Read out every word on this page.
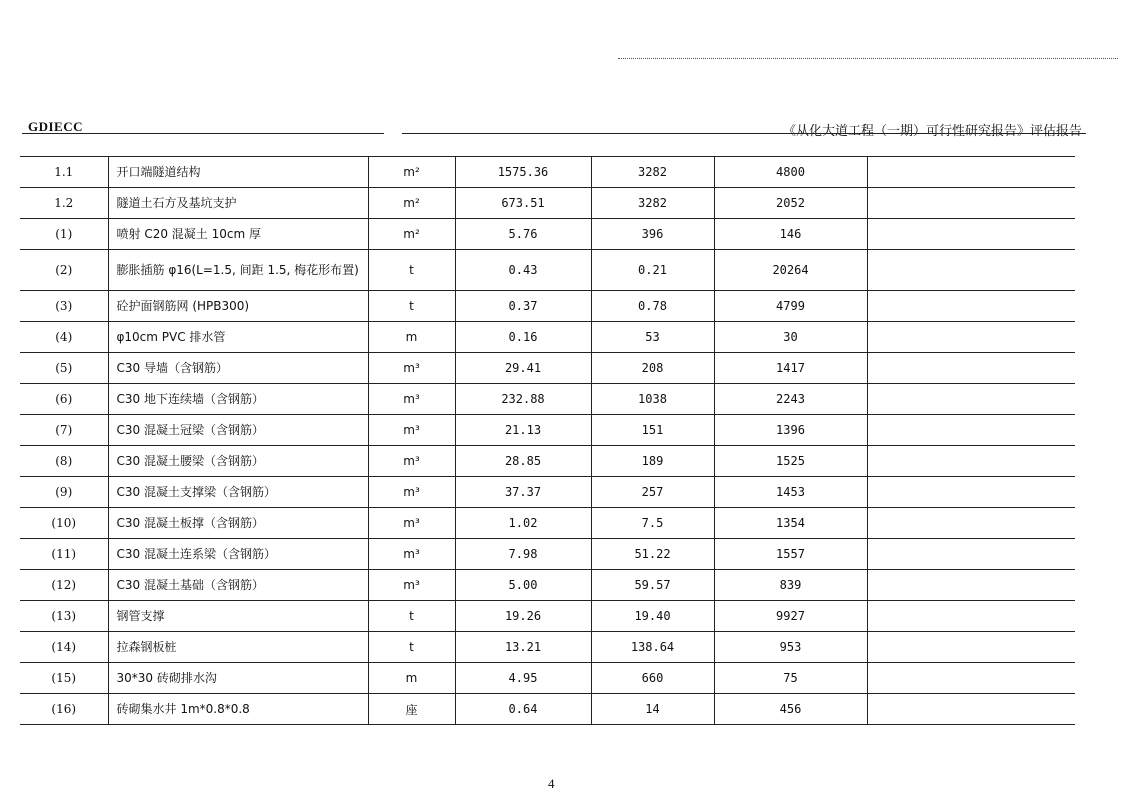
GDIECC	《从化大道工程（一期）可行性研究报告》评估报告
1.1	开口端隧道结构	m²	1575.36	3282	4800	
1.2	隧道土石方及基坑支护	m²	673.51	3282	2052	
(1)	喷射 C20 混凝土 10cm 厚	m²	5.76	396	146	
(2)	膨胀插筋 φ16(L=1.5, 间距 1.5, 梅花形布置)	t	0.43	0.21	20264	
(3)	砼护面钢筋网 (HPB300)	t	0.37	0.78	4799	
(4)	φ10cm PVC 排水管	m	0.16	53	30	
(5)	C30 导墙（含钢筋）	m³	29.41	208	1417	
(6)	C30 地下连续墙（含钢筋）	m³	232.88	1038	2243	
(7)	C30 混凝土冠梁（含钢筋）	m³	21.13	151	1396	
(8)	C30 混凝土腰梁（含钢筋）	m³	28.85	189	1525	
(9)	C30 混凝土支撑梁（含钢筋）	m³	37.37	257	1453	
(10)	C30 混凝土板撑（含钢筋）	m³	1.02	7.5	1354	
(11)	C30 混凝土连系梁（含钢筋）	m³	7.98	51.22	1557	
(12)	C30 混凝土基础（含钢筋）	m³	5.00	59.57	839	
(13)	钢管支撑	t	19.26	19.40	9927	
(14)	拉森钢板桩	t	13.21	138.64	953	
(15)	30*30 砖砌排水沟	m	4.95	660	75	
(16)	砖砌集水井 1m*0.8*0.8	座	0.64	14	456	
4
